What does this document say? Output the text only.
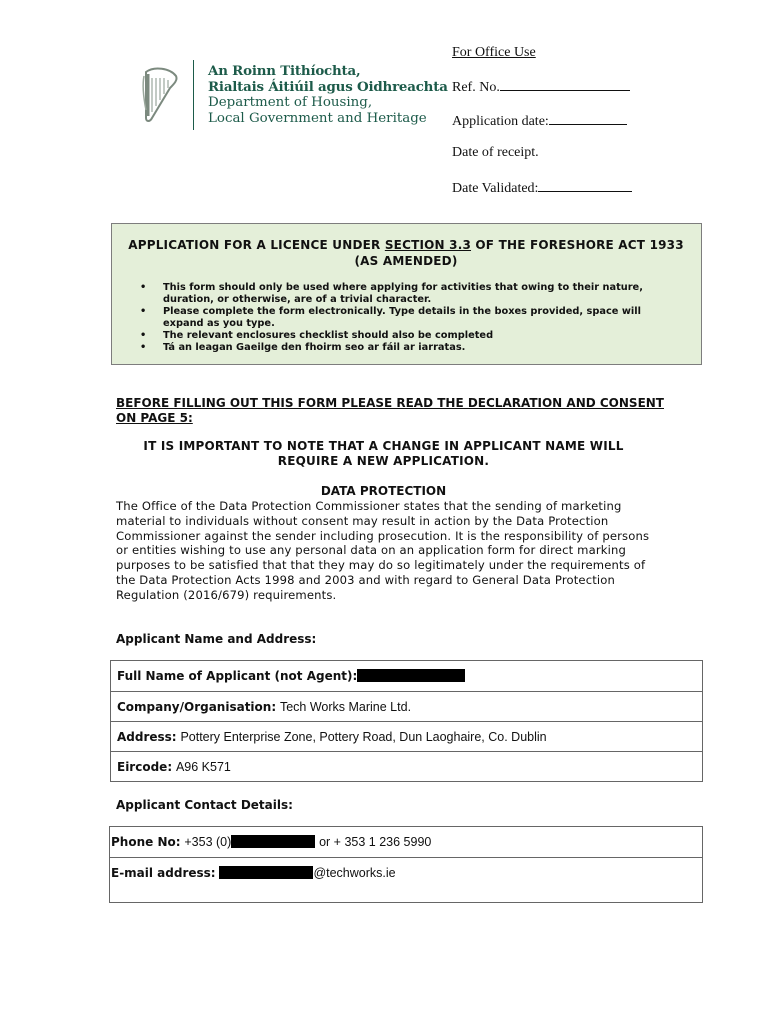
An Roinn Tithíochta,
Rialtais Áitiúil agus Oidhreachta
Department of Housing,
Local Government and Heritage
For Office Use
Ref. No.
Application date:
Date of receipt.
Date Validated:
APPLICATION FOR A LICENCE UNDER SECTION 3.3 OF THE FORESHORE ACT 1933 (AS AMENDED)
• This form should only be used where applying for activities that owing to their nature, duration, or otherwise, are of a trivial character.
• Please complete the form electronically. Type details in the boxes provided, space will expand as you type.
• The relevant enclosures checklist should also be completed
• Tá an leagan Gaeilge den fhoirm seo ar fáil ar iarratas.
BEFORE FILLING OUT THIS FORM PLEASE READ THE DECLARATION AND CONSENT ON PAGE 5:
IT IS IMPORTANT TO NOTE THAT A CHANGE IN APPLICANT NAME WILL REQUIRE A NEW APPLICATION.
DATA PROTECTION
The Office of the Data Protection Commissioner states that the sending of marketing material to individuals without consent may result in action by the Data Protection Commissioner against the sender including prosecution. It is the responsibility of persons or entities wishing to use any personal data on an application form for direct marking purposes to be satisfied that that they may do so legitimately under the requirements of the Data Protection Acts 1998 and 2003 and with regard to General Data Protection Regulation (2016/679) requirements.
Applicant Name and Address:
Full Name of Applicant (not Agent):
Company/Organisation: Tech Works Marine Ltd.
Address: Pottery Enterprise Zone, Pottery Road, Dun Laoghaire, Co. Dublin
Eircode: A96 K571
Applicant Contact Details:
Phone No: +353 (0)	or + 353 1 236 5990
E-mail address:	@techworks.ie
